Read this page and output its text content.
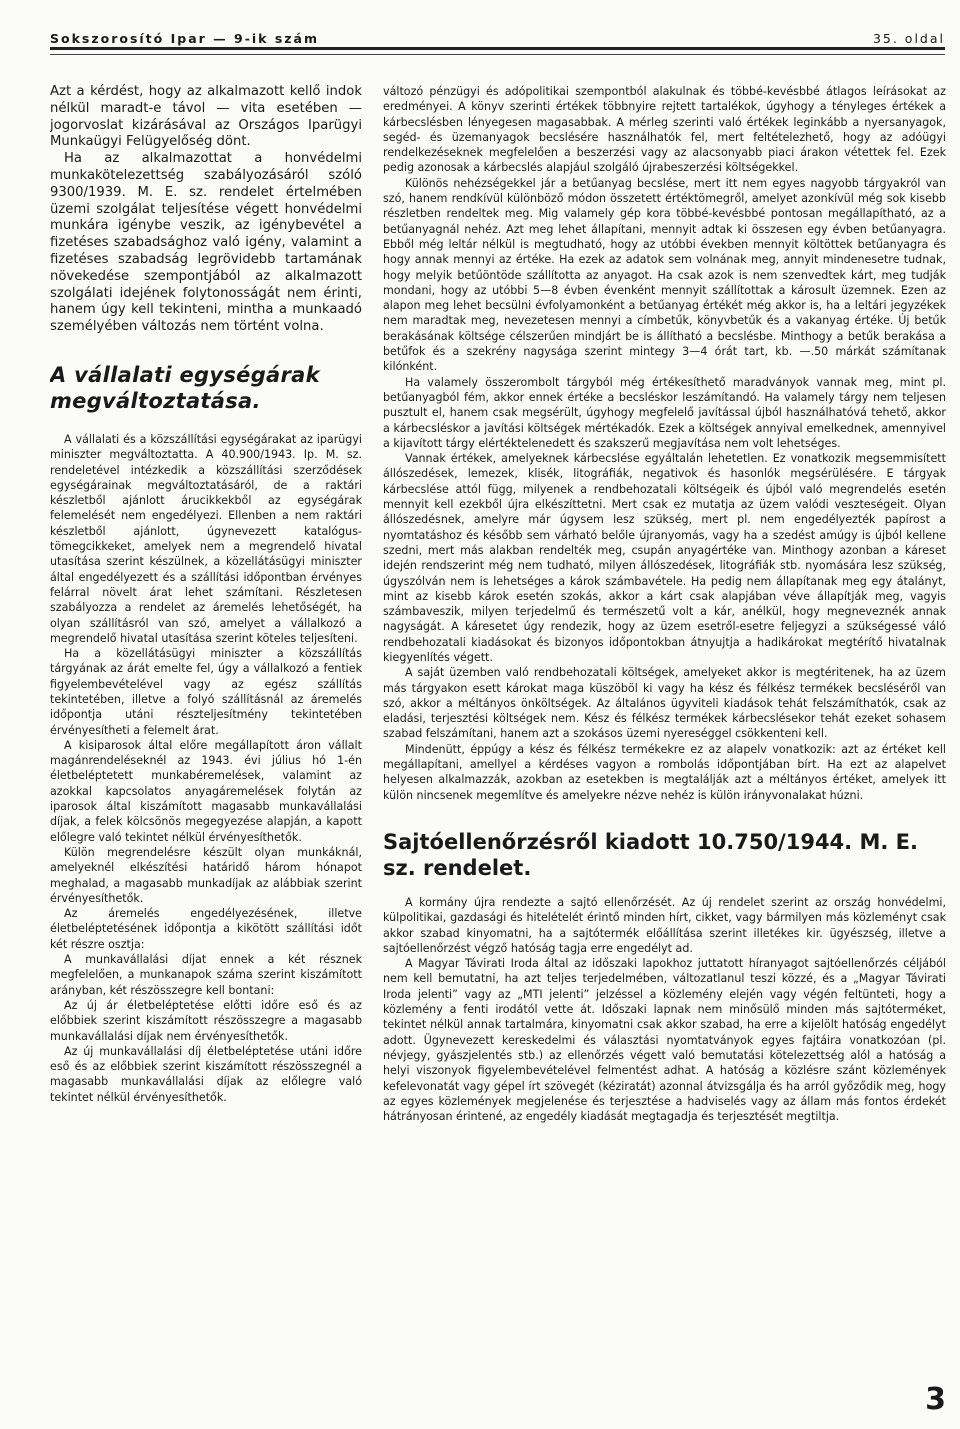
Sokszorosító Ipar — 9-ik szám	35. oldal

Azt a kérdést, hogy az alkalmazott kellő indok nélkül maradt-e távol — vita esetében — jogorvoslat kizárásával az Országos Iparügyi Munkaügyi Felügyelőség dönt.

Ha az alkalmazottat a honvédelmi munkakötelezettség szabályozásáról szóló 9300/1939. M. E. sz. rendelet értelmében üzemi szolgálat teljesítése végett honvédelmi munkára igénybe veszik, az igénybevétel a fizetéses szabadsághoz való igény, valamint a fizetéses szabadság legrövidebb tartamának növekedése szempontjából az alkalmazott szolgálati idejének folytonosságát nem érinti, hanem úgy kell tekinteni, mintha a munkaadó személyében változás nem történt volna.

A vállalati egységárak megváltoztatása.

A vállalati és a közszállítási egységárakat az iparügyi miniszter megváltoztatta. A 40.900/1943. Ip. M. sz. rendeletével intézkedik a közszállítási szerződések egységárainak megváltoztatásáról, de a raktári készletből ajánlott árucikkekből az egységárak felemelését nem engedélyezi. Ellenben a nem raktári készletből ajánlott, úgynevezett katalógus-tömegcikkeket, amelyek nem a megrendelő hivatal utasítása szerint készülnek, a közellátásügyi miniszter által engedélyezett és a szállítási időpontban érvényes felárral növelt árat lehet számítani. Részletesen szabályozza a rendelet az áremelés lehetőségét, ha olyan szállításról van szó, amelyet a vállalkozó a megrendelő hivatal utasítása szerint köteles teljesíteni.

Ha a közellátásügyi miniszter a közszállítás tárgyának az árát emelte fel, úgy a vállalkozó a fentiek figyelembevételével vagy az egész szállítás tekintetében, illetve a folyó szállításnál az áremelés időpontja utáni részteljesítmény tekintetében érvényesítheti a felemelt árat.

A kisiparosok által előre megállapított áron vállalt magánrendeléseknél az 1943. évi július hó 1-én életbeléptetett munkabéremelések, valamint az azokkal kapcsolatos anyagáremelések folytán az iparosok által kiszámított magasabb munkavállalási díjak, a felek kölcsönös megegyezése alapján, a kapott előlegre való tekintet nélkül érvényesíthetők.

Külön megrendelésre készült olyan munkáknál, amelyeknél elkészítési határidő három hónapot meghalad, a magasabb munkadíjak az alábbiak szerint érvényesíthetők.

Az áremelés engedélyezésének, illetve életbeléptetésének időpontja a kikötött szállítási időt két részre osztja:

A munkavállalási díjat ennek a két résznek megfelelően, a munkanapok száma szerint kiszámított arányban, két részösszegre kell bontani:

Az új ár életbeléptetése előtti időre eső és az előbbiek szerint kiszámított részösszegre a magasabb munkavállalási díjak nem érvényesíthetők.

Az új munkavállalási díj életbeléptetése utáni időre eső és az előbbiek szerint kiszámított részösszegnél a magasabb munkavállalási díjak az előlegre való tekintet nélkül érvényesíthetők.

változó pénzügyi és adópolitikai szempontból alakulnak és többé-kevésbbé átlagos leírásokat az eredményei. A könyv szerinti értékek többnyire rejtett tartalékok, úgyhogy a tényleges értékek a kárbecslésben lényegesen magasabbak. A mérleg szerinti való értékek leginkább a nyersanyagok, segéd- és üzemanyagok becslésére használhatók fel, mert feltételezhető, hogy az adóügyi rendelkezéseknek megfelelően a beszerzési vagy az alacsonyabb piaci árakon vétettek fel. Ezek pedig azonosak a kárbecslés alapjául szolgáló újrabeszerzési költségekkel.

Különös nehézségekkel jár a betűanyag becslése, mert itt nem egyes nagyobb tárgyakról van szó, hanem rendkívül különböző módon összetett értéktömegről, amelyet azonkívül még sok kisebb részletben rendeltek meg. Mig valamely gép kora többé-kevésbbé pontosan megállapítható, az a betűanyagnál nehéz. Azt meg lehet állapítani, mennyit adtak ki összesen egy évben betűanyagra. Ebből még leltár nélkül is megtudható, hogy az utóbbi években mennyit költöttek betűanyagra és hogy annak mennyi az értéke. Ha ezek az adatok sem volnának meg, annyit mindenesetre tudnak, hogy melyik betűöntöde szállította az anyagot. Ha csak azok is nem szenvedtek kárt, meg tudják mondani, hogy az utóbbi 5—8 évben évenként mennyit szállítottak a károsult üzemnek. Ezen az alapon meg lehet becsülni évfolyamonként a betűanyag értékét még akkor is, ha a leltári jegyzékek nem maradtak meg, nevezetesen mennyi a címbetűk, könyvbetűk és a vakanyag értéke. Új betűk berakásának költsége célszerűen mindjárt be is állítható a becslésbe. Minthogy a betűk berakása a betűfok és a szekrény nagysága szerint mintegy 3—4 órát tart, kb. —.50 márkát számítanak kilónként.

Ha valamely összerombolt tárgyból még értékesíthető maradványok vannak meg, mint pl. betűanyagból fém, akkor ennek értéke a becsléskor leszámítandó. Ha valamely tárgy nem teljesen pusztult el, hanem csak megsérült, úgyhogy megfelelő javítással újból használhatóvá tehető, akkor a kárbecsléskor a javítási költségek mértékadók. Ezek a költségek annyival emelkednek, amennyivel a kijavított tárgy elértéktelenedett és szakszerű megjavítása nem volt lehetséges.

Vannak értékek, amelyeknek kárbecslése egyáltalán lehetetlen. Ez vonatkozik megsemmisített állószedések, lemezek, klisék, litográfiák, negativok és hasonlók megsérülésére. E tárgyak kárbecslése attól függ, milyenek a rendbehozatali költségeik és újból való megrendelés esetén mennyit kell ezekből újra elkészíttetni. Mert csak ez mutatja az üzem valódi veszteségeit. Olyan állószedésnek, amelyre már úgysem lesz szükség, mert pl. nem engedélyezték papírost a nyomtatáshoz és később sem várható belőle újranyomás, vagy ha a szedést amúgy is újból kellene szedni, mert más alakban rendelték meg, csupán anyagértéke van. Minthogy azonban a káreset idején rendszerint még nem tudható, milyen állószedések, litográfiák stb. nyomására lesz szükség, úgyszólván nem is lehetséges a károk számbavétele. Ha pedig nem állapítanak meg egy átalányt, mint az kisebb károk esetén szokás, akkor a kárt csak alapjában véve állapítják meg, vagyis számbaveszik, milyen terjedelmű és természetű volt a kár, anélkül, hogy megneveznék annak nagyságát. A káresetet úgy rendezik, hogy az üzem esetről-esetre feljegyzi a szükségessé váló rendbehozatali kiadásokat és bizonyos időpontokban átnyujtja a hadikárokat megtérítő hivatalnak kiegyenlítés végett.

A saját üzemben való rendbehozatali költségek, amelyeket akkor is megtéritenek, ha az üzem más tárgyakon esett károkat maga küszöböl ki vagy ha kész és félkész termékek becsléséről van szó, akkor a méltányos önköltségek. Az általános ügyviteli kiadások tehát felszámíthatók, csak az eladási, terjesztési költségek nem. Kész és félkész termékek kárbecslésekor tehát ezeket sohasem szabad felszámítani, hanem azt a szokásos üzemi nyereséggel csökkenteni kell.

Mindenütt, éppúgy a kész és félkész termékekre ez az alapelv vonatkozik: azt az értéket kell megállapítani, amellyel a kérdéses vagyon a rombolás időpontjában bírt. Ha ezt az alapelvet helyesen alkalmazzák, azokban az esetekben is megtalálják azt a méltányos értéket, amelyek itt külön nincsenek megemlítve és amelyekre nézve nehéz is külön irányvonalakat húzni.

Sajtóellenőrzésről kiadott 10.750/1944. M. E. sz. rendelet.

A kormány újra rendezte a sajtó ellenőrzését. Az új rendelet szerint az ország honvédelmi, külpolitikai, gazdasági és hitelételét érintő minden hírt, cikket, vagy bármilyen más közleményt csak akkor szabad kinyomatni, ha a sajtótermék előállítása szerint illetékes kir. ügyészség, illetve a sajtóellenőrzést végző hatóság tagja erre engedélyt ad.

A Magyar Távirati Iroda által az időszaki lapokhoz juttatott híranyagot sajtóellenőrzés céljából nem kell bemutatni, ha azt teljes terjedelmében, változatlanul teszi közzé, és a „Magyar Távirati Iroda jelenti” vagy az „MTI jelenti” jelzéssel a közlemény elején vagy végén feltünteti, hogy a közlemény a fenti irodától vette át. Időszaki lapnak nem minősülő minden más sajtóterméket, tekintet nélkül annak tartalmára, kinyomatni csak akkor szabad, ha erre a kijelölt hatóság engedélyt adott. Ügynevezett kereskedelmi és választási nyomtatványok egyes fajtáira vonatkozóan (pl. névjegy, gyászjelentés stb.) az ellenőrzés végett való bemutatási kötelezettség alól a hatóság a helyi viszonyok figyelembevételével felmentést adhat. A hatóság a közlésre szánt közlemények kefelevonatát vagy gépel írt szövegét (kéziratát) azonnal átvizsgálja és ha arról győződik meg, hogy az egyes közlemények megjelenése és terjesztése a hadviselés vagy az állam más fontos érdekét hátrányosan érintené, az engedély kiadását megtagadja és terjesztését megtiltja.

3
